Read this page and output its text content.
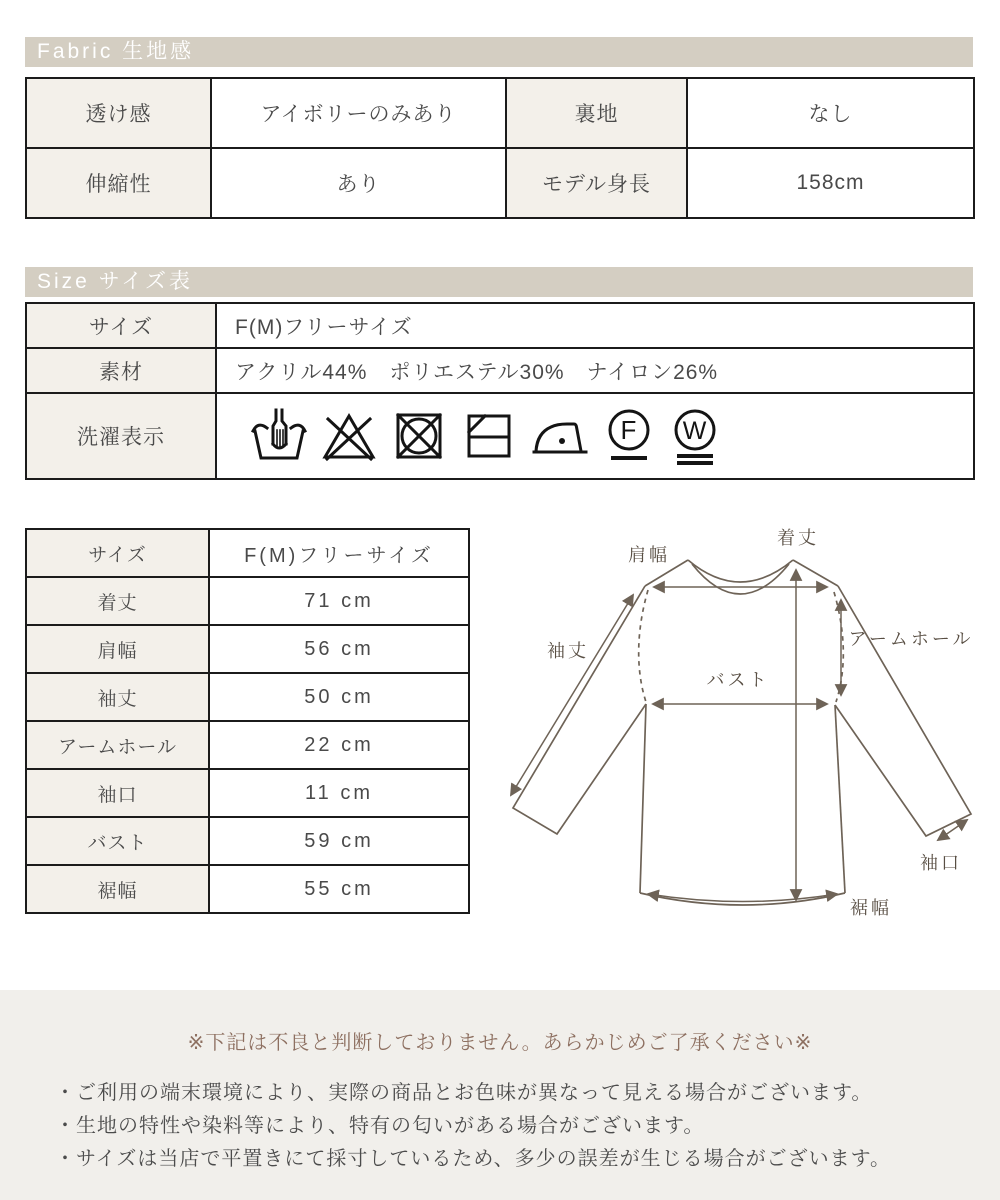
Fabric 生地感
透け感	アイボリーのみあり	裏地	なし
伸縮性	あり	モデル身長	158cm
Size サイズ表
サイズ	F(M)フリーサイズ
素材	アクリル44%　ポリエステル30%　ナイロン26%
洗濯表示	F W
サイズ	F(M)フリーサイズ
着丈	71 cm
肩幅	56 cm
袖丈	50 cm
アームホール	22 cm
袖口	11 cm
バスト	59 cm
裾幅	55 cm
着丈
肩幅
袖丈
アームホール
バスト
袖口
裾幅

※下記は不良と判断しておりません。あらかじめご了承ください※

・ご利用の端末環境により、実際の商品とお色味が異なって見える場合がございます。

・生地の特性や染料等により、特有の匂いがある場合がございます。

・サイズは当店で平置きにて採寸しているため、多少の誤差が生じる場合がございます。
